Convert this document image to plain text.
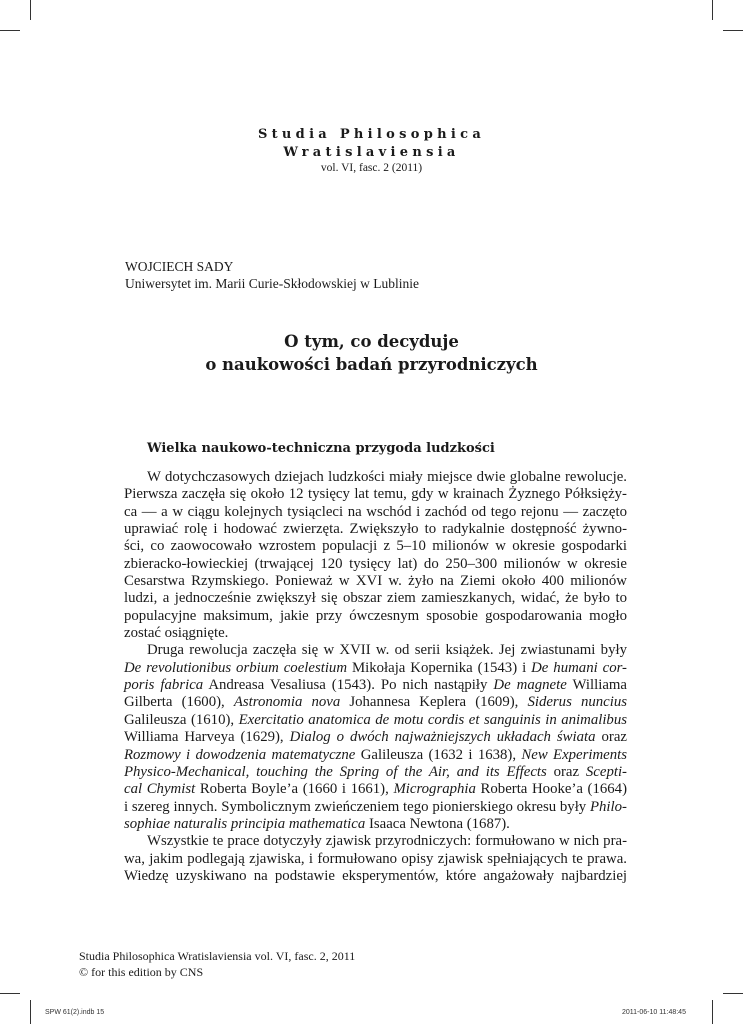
Studia Philosophica
Wratislaviensia
vol. VI, fasc. 2 (2011)
WOJCIECH SADY
Uniwersytet im. Marii Curie-Skłodowskiej w Lublinie
O tym, co decyduje
o naukowości badań przyrodniczych
Wielka naukowo-techniczna przygoda ludzkości
W dotychczasowych dziejach ludzkości miały miejsce dwie globalne rewolucje.
Pierwsza zaczęła się około 12 tysięcy lat temu, gdy w krainach Żyznego Półksięży-
ca — a w ciągu kolejnych tysiącleci na wschód i zachód od tego rejonu — zaczęto
uprawiać rolę i hodować zwierzęta. Zwiększyło to radykalnie dostępność żywno-
ści, co zaowocowało wzrostem populacji z 5–10 milionów w okresie gospodarki
zbieracko-łowieckiej (trwającej 120 tysięcy lat) do 250–300 milionów w okresie
Cesarstwa Rzymskiego. Ponieważ w XVI w. żyło na Ziemi około 400 milionów
ludzi, a jednocześnie zwiększył się obszar ziem zamieszkanych, widać, że było to
populacyjne maksimum, jakie przy ówczesnym sposobie gospodarowania mogło
zostać osiągnięte.
Druga rewolucja zaczęła się w XVII w. od serii książek. Jej zwiastunami były
De revolutionibus orbium coelestium Mikołaja Kopernika (1543) i De humani cor-
poris fabrica Andreasa Vesaliusa (1543). Po nich nastąpiły De magnete Williama
Gilberta (1600), Astronomia nova Johannesa Keplera (1609), Siderus nuncius
Galileusza (1610), Exercitatio anatomica de motu cordis et sanguinis in animalibus
Williama Harveya (1629), Dialog o dwóch najważniejszych układach świata oraz
Rozmowy i dowodzenia matematyczne Galileusza (1632 i 1638), New Experiments
Physico-Mechanical, touching the Spring of the Air, and its Effects oraz Scepti-
cal Chymist Roberta Boyle’a (1660 i 1661), Micrographia Roberta Hooke’a (1664)
i szereg innych. Symbolicznym zwieńczeniem tego pionierskiego okresu były Philo-
sophiae naturalis principia mathematica Isaaca Newtona (1687).
Wszystkie te prace dotyczyły zjawisk przyrodniczych: formułowano w nich pra-
wa, jakim podlegają zjawiska, i formułowano opisy zjawisk spełniających te prawa.
Wiedzę uzyskiwano na podstawie eksperymentów, które angażowały najbardziej
Studia Philosophica Wratislaviensia vol. VI, fasc. 2, 2011
© for this edition by CNS
SPW 61(2).indb 15	2011-06-10 11:48:45
